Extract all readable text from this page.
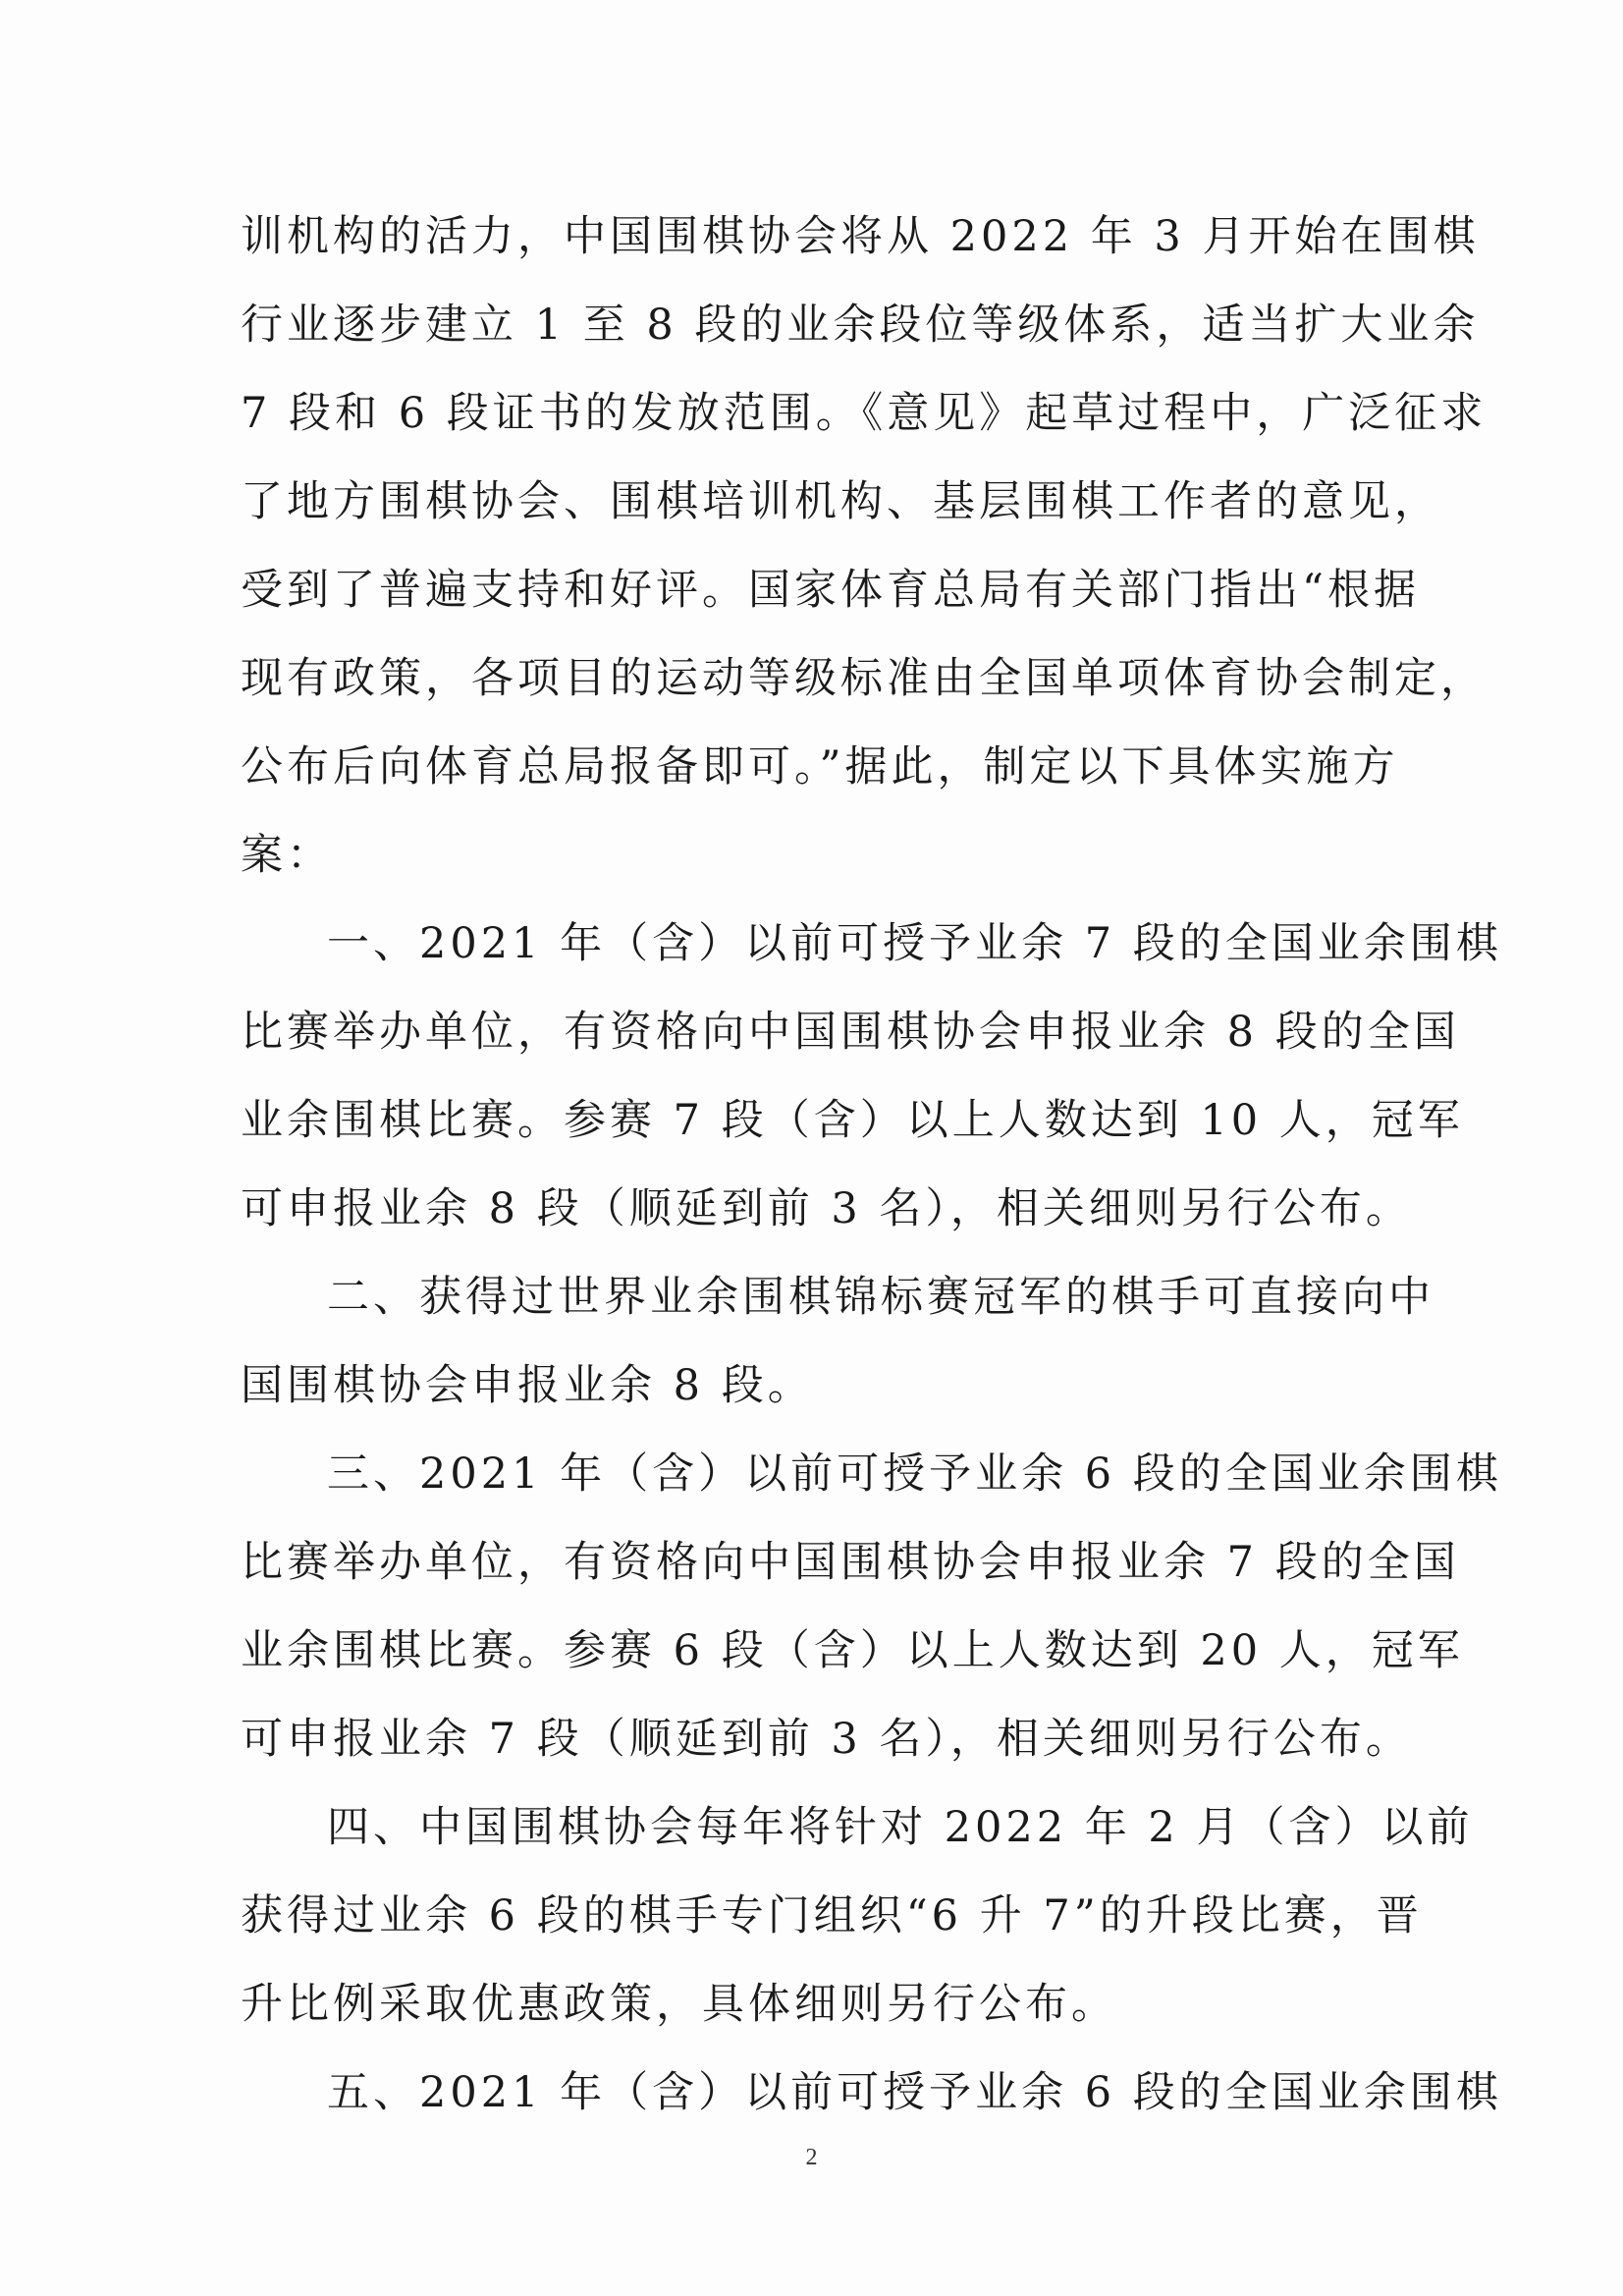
训机构的活力，中国围棋协会将从 2022 年 3 月开始在围棋
行业逐步建立 1 至 8 段的业余段位等级体系，适当扩大业余
7 段和 6 段证书的发放范围。《意见》起草过程中，广泛征求
了地方围棋协会、围棋培训机构、基层围棋工作者的意见，
受到了普遍支持和好评。国家体育总局有关部门指出“根据
现有政策，各项目的运动等级标准由全国单项体育协会制定，
公布后向体育总局报备即可。”据此，制定以下具体实施方
案：
一、2021 年（含）以前可授予业余 7 段的全国业余围棋
比赛举办单位，有资格向中国围棋协会申报业余 8 段的全国
业余围棋比赛。参赛 7 段（含）以上人数达到 10 人，冠军
可申报业余 8 段（顺延到前 3 名），相关细则另行公布。
二、获得过世界业余围棋锦标赛冠军的棋手可直接向中
国围棋协会申报业余 8 段。
三、2021 年（含）以前可授予业余 6 段的全国业余围棋
比赛举办单位，有资格向中国围棋协会申报业余 7 段的全国
业余围棋比赛。参赛 6 段（含）以上人数达到 20 人，冠军
可申报业余 7 段（顺延到前 3 名），相关细则另行公布。
四、中国围棋协会每年将针对 2022 年 2 月（含）以前
获得过业余 6 段的棋手专门组织“6 升 7”的升段比赛，晋
升比例采取优惠政策，具体细则另行公布。
五、2021 年（含）以前可授予业余 6 段的全国业余围棋
2
